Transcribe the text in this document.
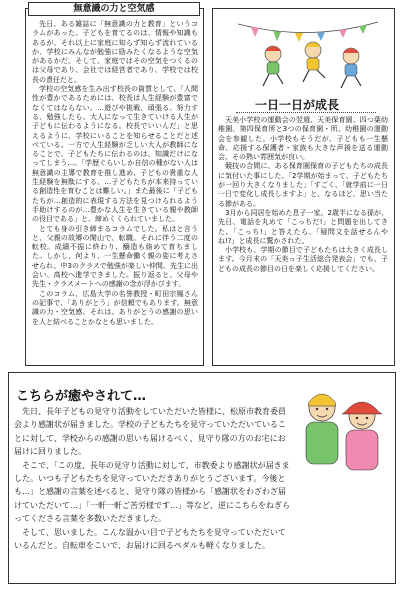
無意識の力と空気感

先日、ある雑誌に「無意識の力と教育」というコラムがあった。子どもを育てるのは、情報や知識もあるが、それ以上に家庭に知らず知らず流れているか、学校にみんなが勉強に励みたくなるような空気があるかだ。そして、家庭ではその空気をつくるのは父母であり、会社では経営者であり、学校では校長の責任だと。

学校の空気感を生み出す校長の資質として、「人間性が豊かであるためには、校長は人生経験が豊富でなくてはならない。…遊びや挑戦、頑張る、努力する、勉強したら、大人になって生きていける人生が子どもに伝わるようになる。校長でいいんだ」と思えるように、学校にいることを知らせることだと述べている。一方で人生経験が乏しい大人が教師になることで、子どもたちに伝わるのは、知識だけになってしまう…。「学歴ぐらいしか自信の種がない人は無意識の主導で教育を推し進め、子どもの貴重な人生経験を無駄にする。…子どもたちが本来持っている創造性を育むことは難しい。」また最後に「子どもたちが…創造的に表現する方法を見つけられるよう手助けするのが…豊かな人生を生きている親や教師の役目である」と、締めくくられていました。

とても身の引き締まるコラムでした。私はと言うと、父親の故郷の閑山で、転職。それに伴う二度の転校。成績不振に終わり、醸造も絡めて育ちました。しかし、何より、一生懸命働く親の姿に考えさせられ、中3のクラスで勉強が楽しい仲間、先生に出会い、高校へ進学できました。振り返ると、父母や先生・クラスメートへの感謝の念が浮かびます。

このコラム、広島大学の名誉教授・町田宗鳳さんの記事で、「ありがとう」が信頼でもあります。無意識の力・空気感、それは、ありがとうの感謝の思いを人と結べることかなとも思いました。

一日一日が成長

天美小学校の運動会の翌週、天美保育園、四つ葉幼稚園、第四保育所と3つの保育園・所、幼稚園の運動会を参観した。小学校もそうだが、子どもも一生懸命、応援する保護者・家族も大きな声援を送る運動会。その熱い雰囲気が良い。

競技の合間に、ある保育園保育の子どもたちの成長に気付いた事にした。「2学期が始まって、子どもたちが一回り大きくなりました」「すごく、「就学前に一日一日で変化し成長しますよ」と、なるほど、思い当たる節がある。

3月から同居を始めた息子一家。2歳半になる孫が、先日、電話を丸めて「こっちだ!」と問題を出してきた。「こっち!」と答えたら、「疑問文を話せるんやね!?」と成長に驚かされた。

小学校も、学期の節目で子どもたちは大きく成長します。今月末の「天美っ子生活総合発表会」でも、子どもの成長の節目の日を楽しく応援してください。

こちらが癒やされて…

先日、長年子どもの見守り活動をしていただいた皆様に、松原市教育委員会より感謝状が届きました。学校の子どもたちを見守っていただいていることに対して、学校からの感謝の思いも届けるべく、見守り隊の方のお宅にお届けに回りました。

そこで、「この度、長年の見守り活動に対して、市教委より感謝状が届きました。いつも子どもたちを見守っていただきありがとうございます。今後とも…」と感謝の言葉を述べると、見守り隊の皆様から「感謝状をわざわざ届けていただいて…」「一軒一軒ご苦労様です…」等など、逆にこちらをねぎらってくださる言葉を多数いただきました。

そして、思いました。こんな温かい目で子どもたちを見守っていただいているんだと。自転車をこいで、お届けに回るペダルも軽くなりました。
